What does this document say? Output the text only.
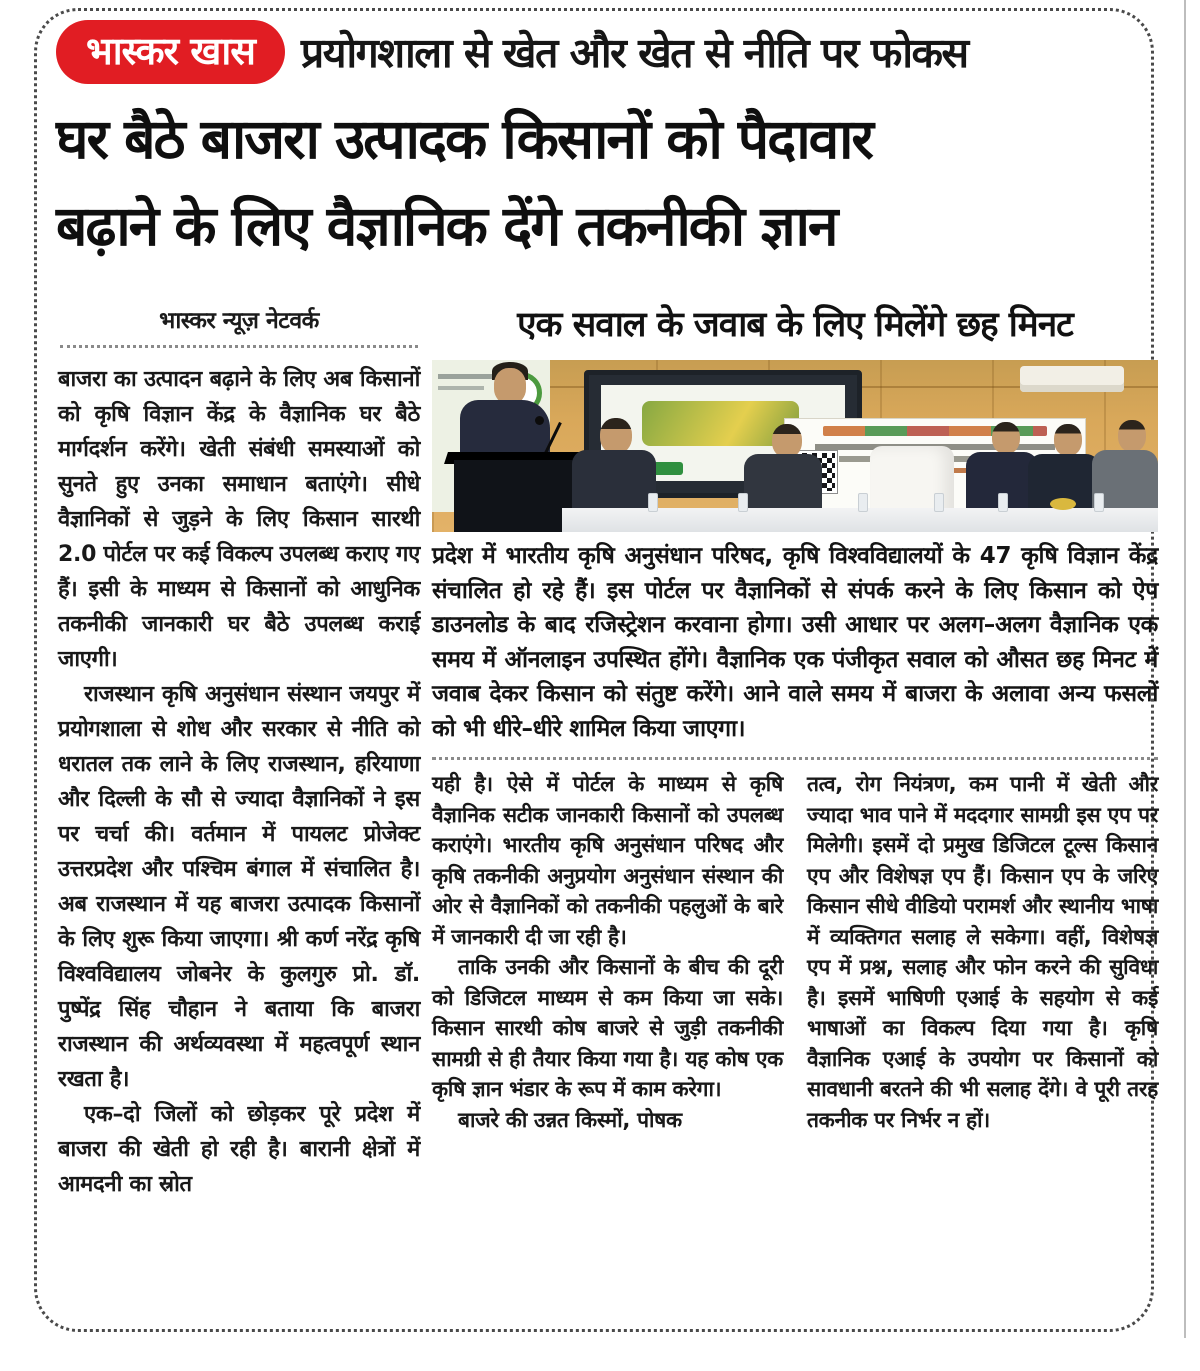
भास्कर खास	प्रयोगशाला से खेत और खेत से नीति पर फोकस
घर बैठे बाजरा उत्पादक किसानों को पैदावार
बढ़ाने के लिए वैज्ञानिक देंगे तकनीकी ज्ञान
भास्कर न्यूज़ नेटवर्क

बाजरा का उत्पादन बढ़ाने के लिए अब किसानों को कृषि विज्ञान केंद्र के वैज्ञानिक घर बैठे मार्गदर्शन करेंगे। खेती संबंधी समस्याओं को सुनते हुए उनका समाधान बताएंगे। सीधे वैज्ञानिकों से जुड़ने के लिए किसान सारथी 2.0 पोर्टल पर कई विकल्प उपलब्ध कराए गए हैं। इसी के माध्यम से किसानों को आधुनिक तकनीकी जानकारी घर बैठे उपलब्ध कराई जाएगी।

राजस्थान कृषि अनुसंधान संस्थान जयपुर में प्रयोगशाला से शोध और सरकार से नीति को धरातल तक लाने के लिए राजस्थान, हरियाणा और दिल्ली के सौ से ज्यादा वैज्ञानिकों ने इस पर चर्चा की। वर्तमान में पायलट प्रोजेक्ट उत्तरप्रदेश और पश्चिम बंगाल में संचालित है। अब राजस्थान में यह बाजरा उत्पादक किसानों के लिए शुरू किया जाएगा। श्री कर्ण नरेंद्र कृषि विश्वविद्यालय जोबनेर के कुलगुरु प्रो. डॉ. पुष्पेंद्र सिंह चौहान ने बताया कि बाजरा राजस्थान की अर्थव्यवस्था में महत्वपूर्ण स्थान रखता है।

एक–दो जिलों को छोड़कर पूरे प्रदेश में बाजरा की खेती हो रही है। बारानी क्षेत्रों में आमदनी का स्रोत

एक सवाल के जवाब के लिए मिलेंगे छह मिनट

प्रदेश में भारतीय कृषि अनुसंधान परिषद, कृषि विश्वविद्यालयों के 47 कृषि विज्ञान केंद्र संचालित हो रहे हैं। इस पोर्टल पर वैज्ञानिकों से संपर्क करने के लिए किसान को ऐप डाउनलोड के बाद रजिस्ट्रेशन करवाना होगा। उसी आधार पर अलग–अलग वैज्ञानिक एक समय में ऑनलाइन उपस्थित होंगे। वैज्ञानिक एक पंजीकृत सवाल को औसत छह मिनट में जवाब देकर किसान को संतुष्ट करेंगे। आने वाले समय में बाजरा के अलावा अन्य फसलों को भी धीरे–धीरे शामिल किया जाएगा।

यही है। ऐसे में पोर्टल के माध्यम से कृषि वैज्ञानिक सटीक जानकारी किसानों को उपलब्ध कराएंगे। भारतीय कृषि अनुसंधान परिषद और कृषि तकनीकी अनुप्रयोग अनुसंधान संस्थान की ओर से वैज्ञानिकों को तकनीकी पहलुओं के बारे में जानकारी दी जा रही है।

ताकि उनकी और किसानों के बीच की दूरी को डिजिटल माध्यम से कम किया जा सके। किसान सारथी कोष बाजरे से जुड़ी तकनीकी सामग्री से ही तैयार किया गया है। यह कोष एक कृषि ज्ञान भंडार के रूप में काम करेगा।

बाजरे की उन्नत किस्मों, पोषक

तत्व, रोग नियंत्रण, कम पानी में खेती और ज्यादा भाव पाने में मददगार सामग्री इस एप पर मिलेगी। इसमें दो प्रमुख डिजिटल टूल्स किसान एप और विशेषज्ञ एप हैं। किसान एप के जरिए किसान सीधे वीडियो परामर्श और स्थानीय भाषा में व्यक्तिगत सलाह ले सकेगा। वहीं, विशेषज्ञ एप में प्रश्न, सलाह और फोन करने की सुविधा है। इसमें भाषिणी एआई के सहयोग से कई भाषाओं का विकल्प दिया गया है। कृषि वैज्ञानिक एआई के उपयोग पर किसानों को सावधानी बरतने की भी सलाह देंगे। वे पूरी तरह तकनीक पर निर्भर न हों।
